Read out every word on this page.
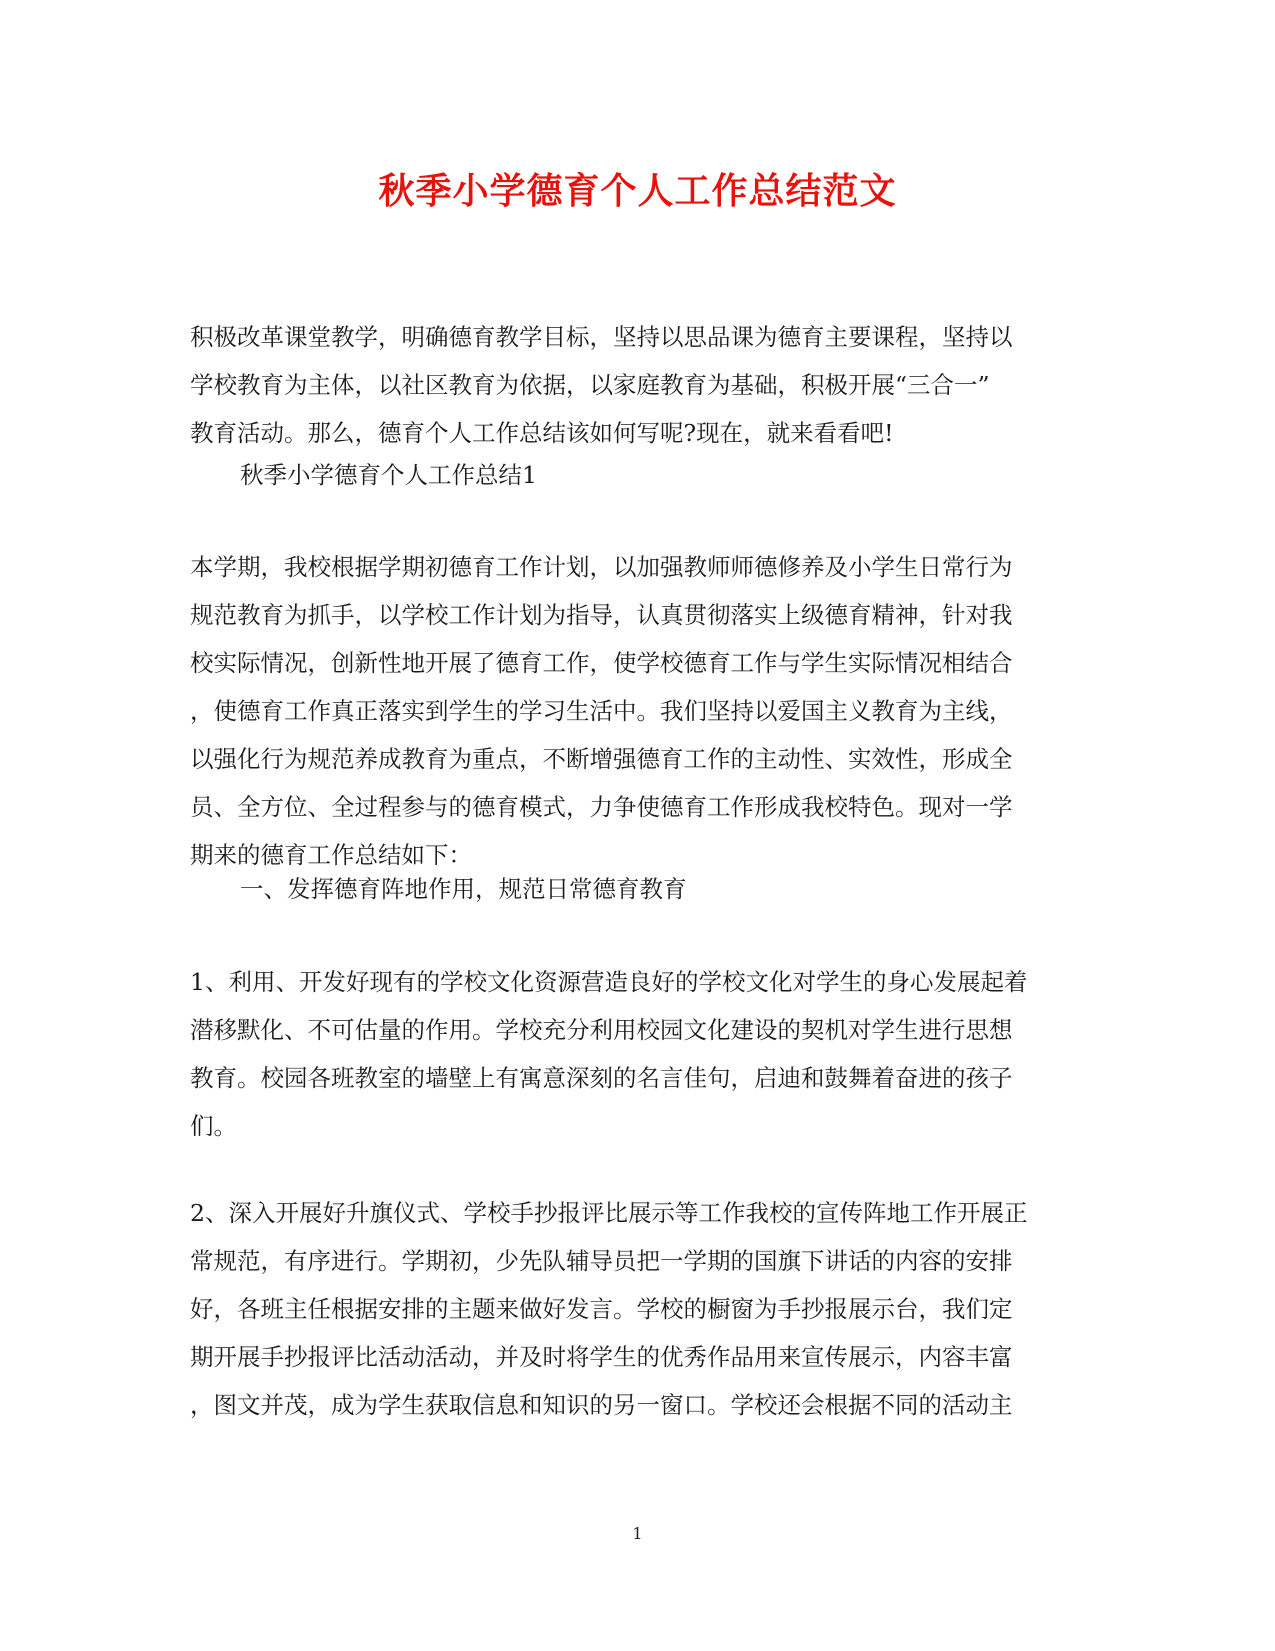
秋季小学德育个人工作总结范文
积极改革课堂教学，明确德育教学目标，坚持以思品课为德育主要课程，坚持以
学校教育为主体，以社区教育为依据，以家庭教育为基础，积极开展“三合一”
教育活动。那么，德育个人工作总结该如何写呢?现在，就来看看吧!
秋季小学德育个人工作总结1
本学期，我校根据学期初德育工作计划，以加强教师师德修养及小学生日常行为
规范教育为抓手，以学校工作计划为指导，认真贯彻落实上级德育精神，针对我
校实际情况，创新性地开展了德育工作，使学校德育工作与学生实际情况相结合
，使德育工作真正落实到学生的学习生活中。我们坚持以爱国主义教育为主线，
以强化行为规范养成教育为重点，不断增强德育工作的主动性、实效性，形成全
员、全方位、全过程参与的德育模式，力争使德育工作形成我校特色。现对一学
期来的德育工作总结如下：
一、发挥德育阵地作用，规范日常德育教育
1、利用、开发好现有的学校文化资源营造良好的学校文化对学生的身心发展起着
潜移默化、不可估量的作用。学校充分利用校园文化建设的契机对学生进行思想
教育。校园各班教室的墙壁上有寓意深刻的名言佳句，启迪和鼓舞着奋进的孩子
们。
2、深入开展好升旗仪式、学校手抄报评比展示等工作我校的宣传阵地工作开展正
常规范，有序进行。学期初，少先队辅导员把一学期的国旗下讲话的内容的安排
好，各班主任根据安排的主题来做好发言。学校的橱窗为手抄报展示台，我们定
期开展手抄报评比活动活动，并及时将学生的优秀作品用来宣传展示，内容丰富
，图文并茂，成为学生获取信息和知识的另一窗口。学校还会根据不同的活动主
1
